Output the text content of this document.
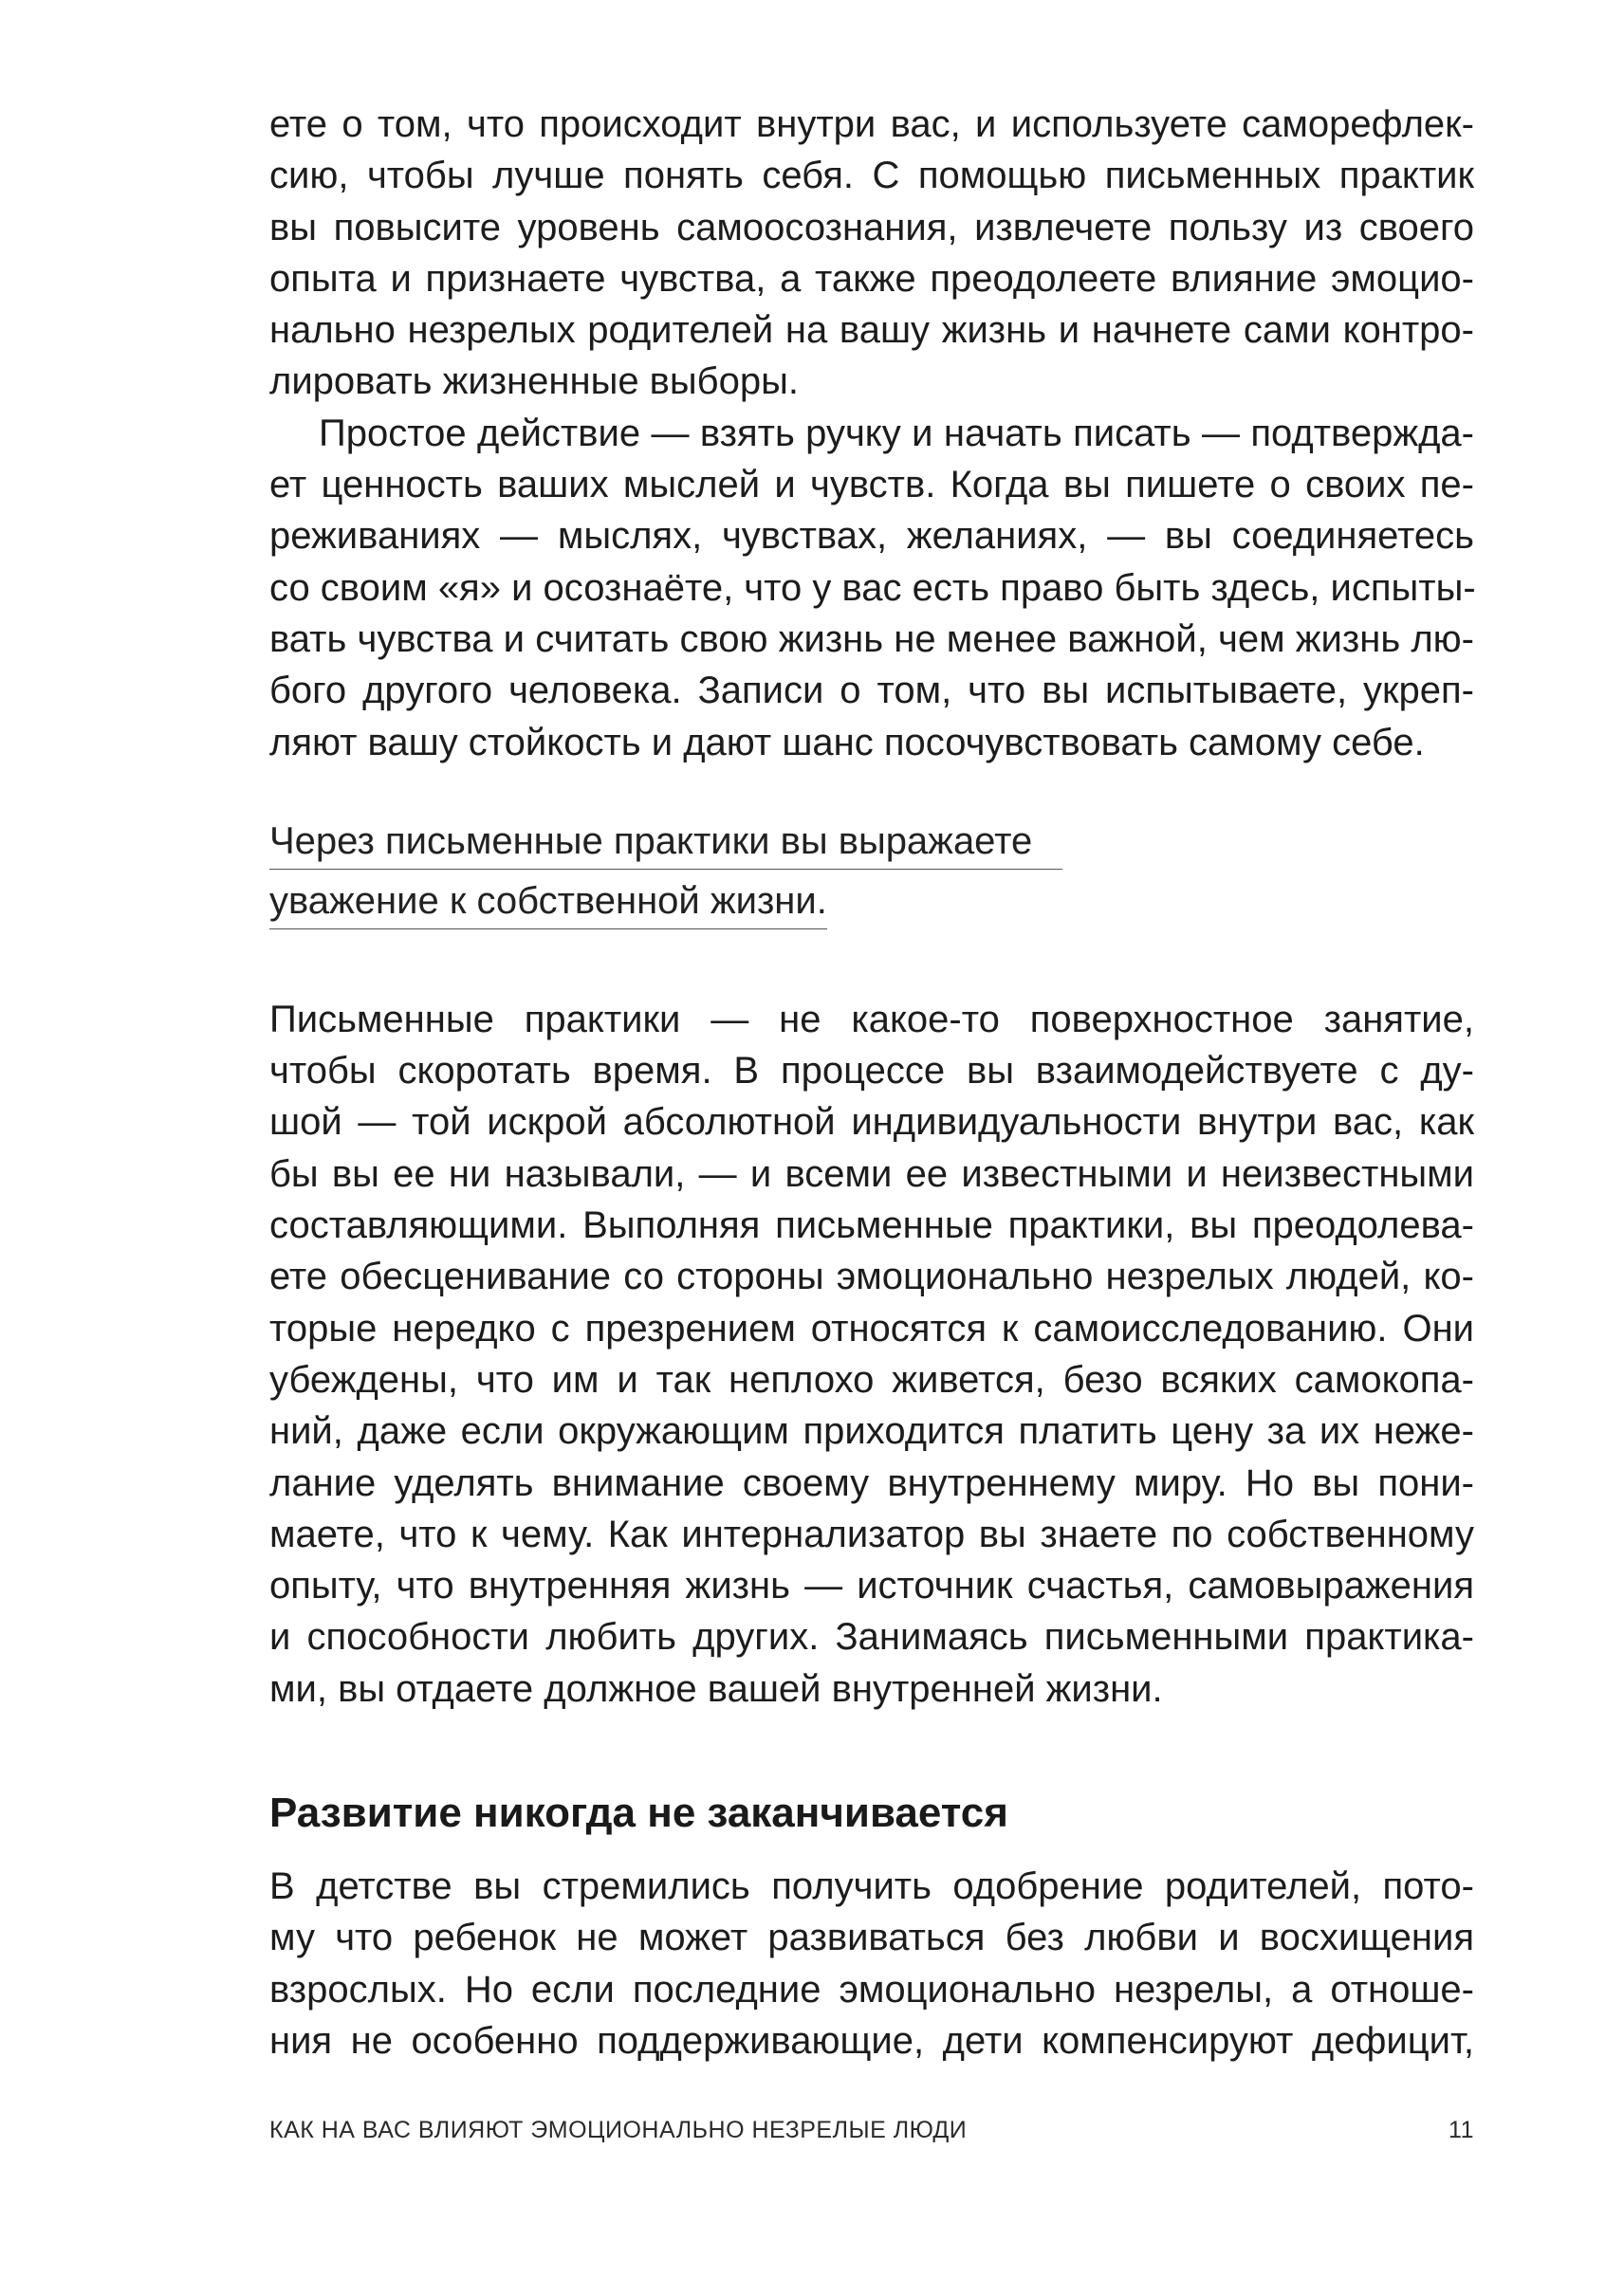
ете о том, что происходит внутри вас, и используете саморефлек-
сию, чтобы лучше понять себя. С помощью письменных практик
вы повысите уровень самоосознания, извлечете пользу из своего
опыта и признаете чувства, а также преодолеете влияние эмоцио-
нально незрелых родителей на вашу жизнь и начнете сами контро-
лировать жизненные выборы.
Простое действие — взять ручку и начать писать — подтвержда-
ет ценность ваших мыслей и чувств. Когда вы пишете о своих пе-
реживаниях — мыслях, чувствах, желаниях, — вы соединяетесь
со своим «я» и осознаёте, что у вас есть право быть здесь, испыты-
вать чувства и считать свою жизнь не менее важной, чем жизнь лю-
бого другого человека. Записи о том, что вы испытываете, укреп-
ляют вашу стойкость и дают шанс посочувствовать самому себе.
Через письменные практики вы выражаете
уважение к собственной жизни.
Письменные практики — не какое-то поверхностное занятие,
чтобы скоротать время. В процессе вы взаимодействуете с ду-
шой — той искрой абсолютной индивидуальности внутри вас, как
бы вы ее ни называли, — и всеми ее известными и неизвестными
составляющими. Выполняя письменные практики, вы преодолева-
ете обесценивание со стороны эмоционально незрелых людей, ко-
торые нередко с презрением относятся к самоисследованию. Они
убеждены, что им и так неплохо живется, безо всяких самокопа-
ний, даже если окружающим приходится платить цену за их неже-
лание уделять внимание своему внутреннему миру. Но вы пони-
маете, что к чему. Как интернализатор вы знаете по собственному
опыту, что внутренняя жизнь — источник счастья, самовыражения
и способности любить других. Занимаясь письменными практика-
ми, вы отдаете должное вашей внутренней жизни.
Развитие никогда не заканчивается
В детстве вы стремились получить одобрение родителей, пото-
му что ребенок не может развиваться без любви и восхищения
взрослых. Но если последние эмоционально незрелы, а отноше-
ния не особенно поддерживающие, дети компенсируют дефицит,
КАК НА ВАС ВЛИЯЮТ ЭМОЦИОНАЛЬНО НЕЗРЕЛЫЕ ЛЮДИ	11
